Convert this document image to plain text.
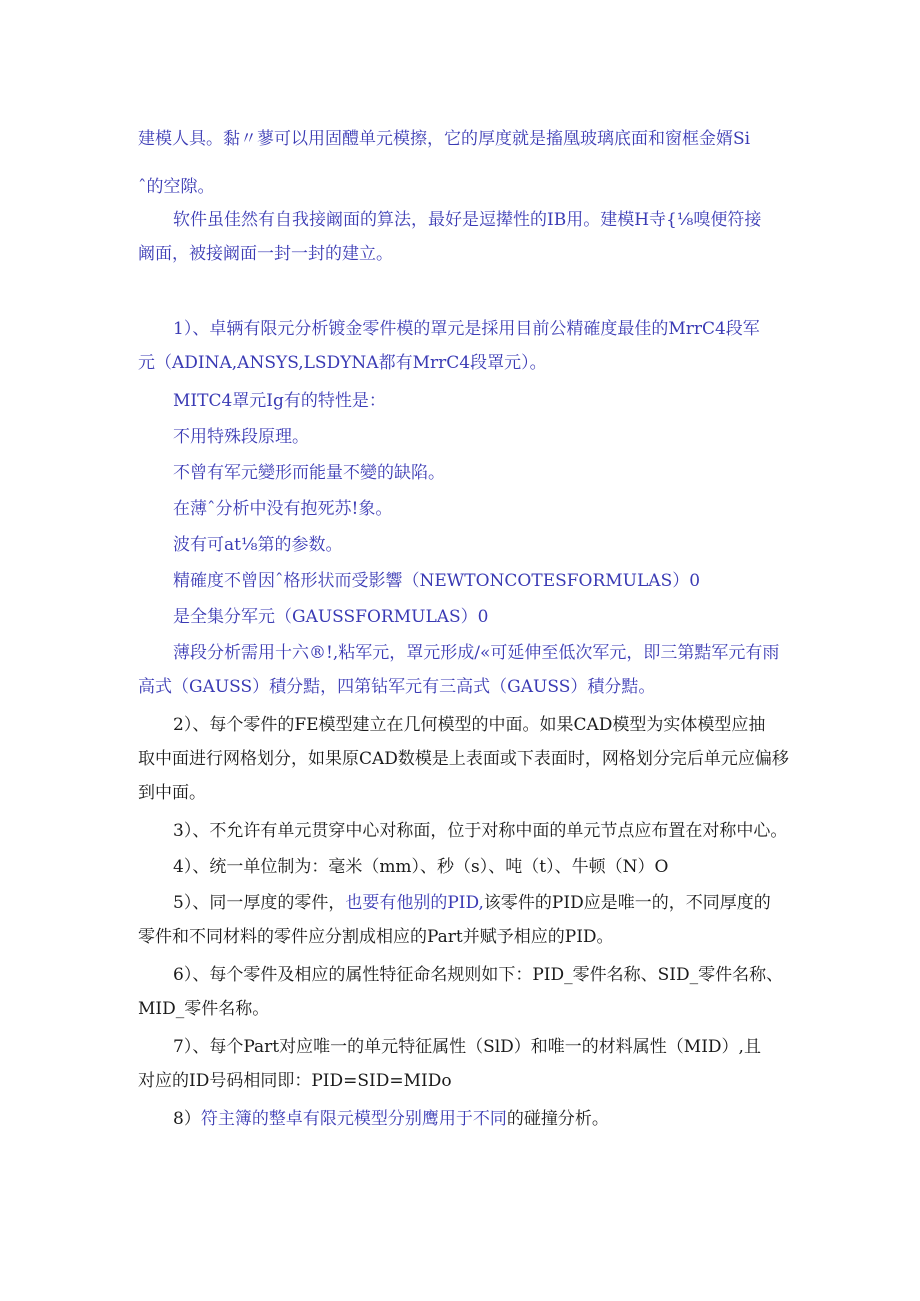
建模人具。黏〃蓼可以用固醴单元模擦，它的厚度就是搐凰玻璃底面和窗框金婿Si
ˆ的空隙。
软件虽佳然有自我接阚面的算法，最好是逗撵性的IB用。建模H寺{⅛嗅便符接
阚面，被接阚面一封一封的建立。
1）、卓辆有限元分析镀金零件模的罩元是採用目前公精確度最佳的MrrC4段军
元（ADINA,ANSYS,LSDYNA都有MrrC4段罩元）。
MITC4罩元Ig有的特性是：
不用特殊段原理。
不曾有军元變形而能量不變的缺陷。
在薄ˆ分析中没有抱死苏!象。
波有可at⅛第的参数。
精確度不曾因ˆ格形状而受影響（NEWTONCOTESFORMULAS）0
是全集分军元（GAUSSFORMULAS）0
薄段分析需用十六®!,粘军元，罩元形成/«可延伸至低次军元，即三第黠军元有雨
高式（GAUSS）積分黠，四第钻军元有三高式（GAUSS）積分黠。
2）、每个零件的FE模型建立在几何模型的中面。如果CAD模型为实体模型应抽
取中面进行网格划分，如果原CAD数模是上表面或下表面时，网格划分完后单元应偏移
到中面。
3）、不允许有单元贯穿中心对称面，位于对称中面的单元节点应布置在对称中心。
4）、统一单位制为：毫米（mm）、秒（s）、吨（t）、牛顿（N）O
5）、同一厚度的零件，也要有他别的PID,该零件的PID应是唯一的，不同厚度的
零件和不同材料的零件应分割成相应的Part并赋予相应的PID。
6）、每个零件及相应的属性特征命名规则如下：PID_零件名称、SID_零件名称、
MID_零件名称。
7）、每个Part对应唯一的单元特征属性（SlD）和唯一的材料属性（MID）,且
对应的ID号码相同即：PID=SID=MIDo
8）符主簿的整卓有限元模型分别鹰用于不同的碰撞分析。
